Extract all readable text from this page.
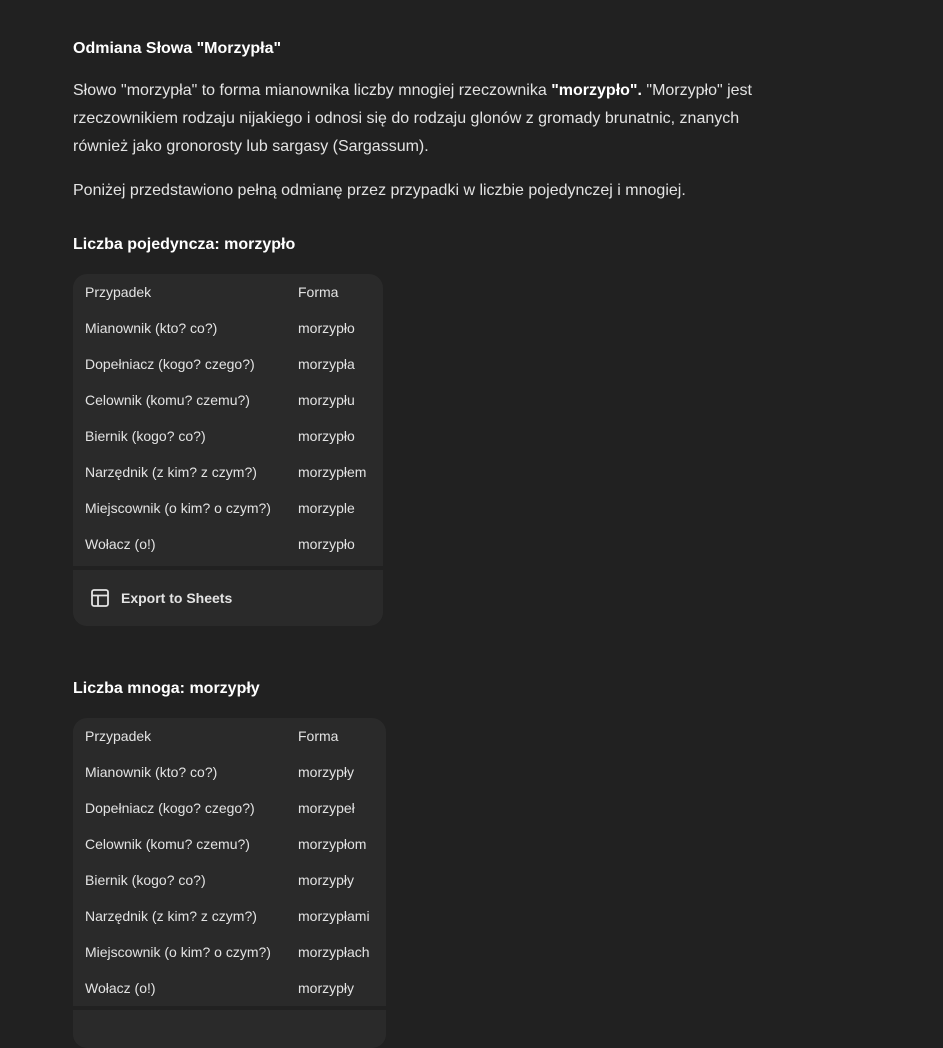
Odmiana Słowa "Morzypła"

Słowo "morzypła" to forma mianownika liczby mnogiej rzeczownika "morzypło". "Morzypło" jest rzeczownikiem rodzaju nijakiego i odnosi się do rodzaju glonów z gromady brunatnic, znanych również jako gronorosty lub sargasy (Sargassum).

Poniżej przedstawiono pełną odmianę przez przypadki w liczbie pojedynczej i mnogiej.

Liczba pojedyncza: morzypło
Przypadek	Forma
Mianownik (kto? co?)	morzypło
Dopełniacz (kogo? czego?)	morzypła
Celownik (komu? czemu?)	morzypłu
Biernik (kogo? co?)	morzypło
Narzędnik (z kim? z czym?)	morzypłem
Miejscownik (o kim? o czym?)	morzyple
Wołacz (o!)	morzypło
Export to Sheets
Liczba mnoga: morzypły
Przypadek	Forma
Mianownik (kto? co?)	morzypły
Dopełniacz (kogo? czego?)	morzypeł
Celownik (komu? czemu?)	morzypłom
Biernik (kogo? co?)	morzypły
Narzędnik (z kim? z czym?)	morzypłami
Miejscownik (o kim? o czym?)	morzypłach
Wołacz (o!)	morzypły
